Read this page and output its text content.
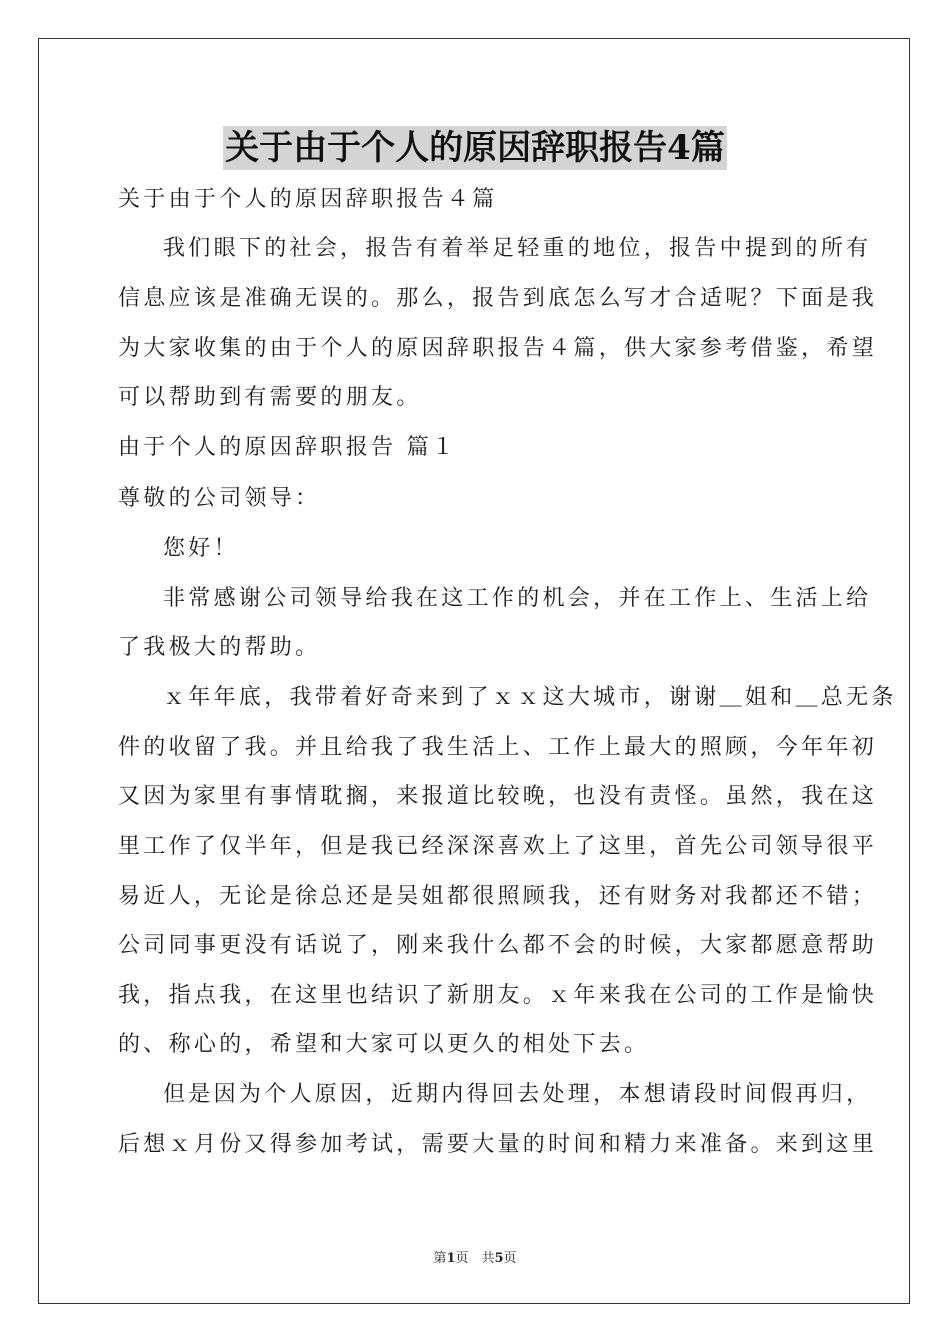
关于由于个人的原因辞职报告4篇
关于由于个人的原因辞职报告４篇
我们眼下的社会，报告有着举足轻重的地位，报告中提到的所有
信息应该是准确无误的。那么，报告到底怎么写才合适呢？下面是我
为大家收集的由于个人的原因辞职报告４篇，供大家参考借鉴，希望
可以帮助到有需要的朋友。
由于个人的原因辞职报告 篇１
尊敬的公司领导：
您好！
非常感谢公司领导给我在这工作的机会，并在工作上、生活上给
了我极大的帮助。
ｘ年年底，我带着好奇来到了ｘｘ这大城市，谢谢＿姐和＿总无条
件的收留了我。并且给我了我生活上、工作上最大的照顾，今年年初
又因为家里有事情耽搁，来报道比较晚，也没有责怪。虽然，我在这
里工作了仅半年，但是我已经深深喜欢上了这里，首先公司领导很平
易近人，无论是徐总还是吴姐都很照顾我，还有财务对我都还不错；
公司同事更没有话说了，刚来我什么都不会的时候，大家都愿意帮助
我，指点我，在这里也结识了新朋友。ｘ年来我在公司的工作是愉快
的、称心的，希望和大家可以更久的相处下去。
但是因为个人原因，近期内得回去处理，本想请段时间假再归，
后想ｘ月份又得参加考试，需要大量的时间和精力来准备。来到这里
第1页　共5页
